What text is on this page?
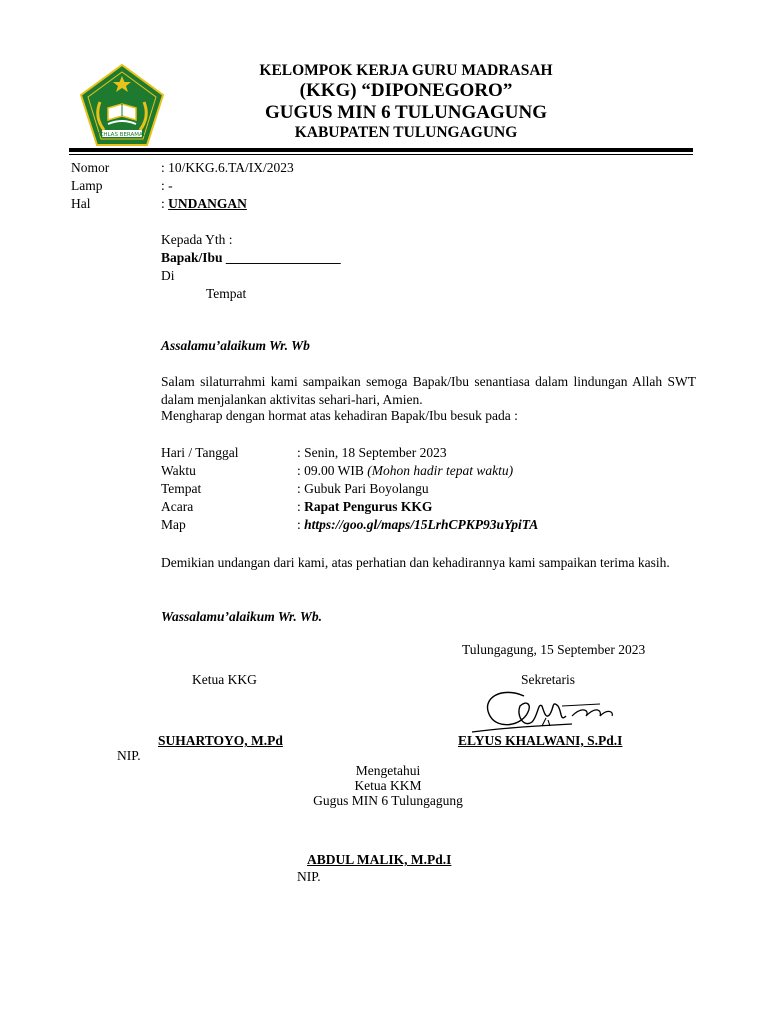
IKHLAS BERAMAL
KELOMPOK KERJA GURU MADRASAH
(KKG) “DIPONEGORO”
GUGUS MIN 6 TULUNGAGUNG
KABUPATEN TULUNGAGUNG
Nomor	: 10/KKG.6.TA/IX/2023
Lamp	: -
Hal	: UNDANGAN
Kepada Yth :
Bapak/Ibu _________________
Di
Tempat
Assalamu’alaikum Wr. Wb
Salam silaturrahmi kami sampaikan semoga Bapak/Ibu senantiasa dalam lindungan Allah SWT dalam menjalankan aktivitas sehari-hari, Amien.
Mengharap dengan hormat atas kehadiran Bapak/Ibu besuk pada :
Hari / Tanggal	: Senin, 18 September 2023
Waktu	: 09.00 WIB (Mohon hadir tepat waktu)
Tempat	: Gubuk Pari Boyolangu
Acara	: Rapat Pengurus KKG
Map	: https://goo.gl/maps/15LrhCPKP93uYpiTA
Demikian undangan dari kami, atas perhatian dan kehadirannya kami sampaikan terima kasih.
Wassalamu’alaikum Wr. Wb.
Tulungagung, 15 September 2023
Ketua KKG	Sekretaris
SUHARTOYO, M.Pd	ELYUS KHALWANI, S.Pd.I
NIP.
Mengetahui
Ketua KKM
Gugus MIN 6 Tulungagung
ABDUL MALIK, M.Pd.I
NIP.
